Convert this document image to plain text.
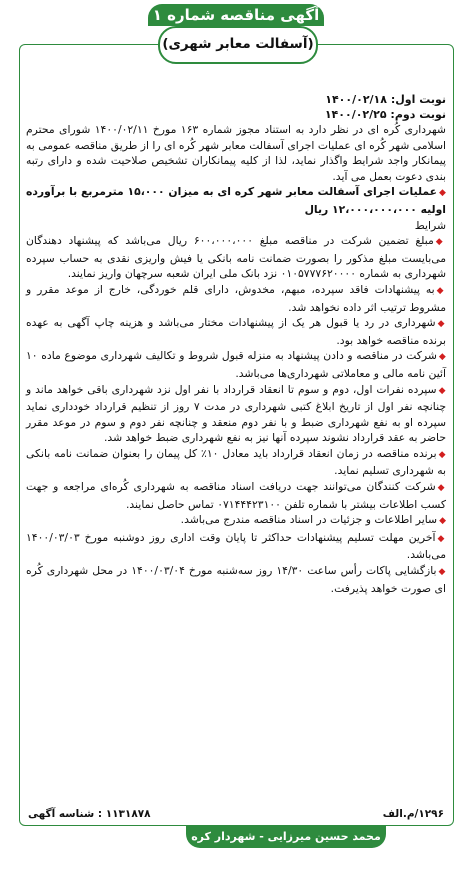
آگهی مناقصه شماره ۱
(آسفالت معابر شهری)
نوبت اول: ۱۴۰۰/۰۲/۱۸
نوبت دوم: ۱۴۰۰/۰۲/۲۵

شهرداری کُره ای در نظر دارد به استناد مجوز شماره ۱۶۳ مورخ ۱۴۰۰/۰۲/۱۱ شورای محترم اسلامی شهر کُره ای عملیات اجرای آسفالت معابر شهر کُره ای را از طریق مناقصه عمومی به پیمانکار واجد شرایط واگذار نماید، لذا از کلیه پیمانکاران تشخیص صلاحیت شده و دارای رتبه بندی دعوت بعمل می آید.

◆عملیات اجرای آسفالت معابر شهر کره ای به میزان ۱۵،۰۰۰ مترمربع با برآورده اولیه ۱۲،۰۰۰،۰۰۰،۰۰۰ ریال

شرایط

◆مبلغ تضمین شرکت در مناقصه مبلغ ۶۰۰،۰۰۰،۰۰۰ ریال می‌باشد که پیشنهاد دهندگان می‌بایست مبلغ مذکور را بصورت ضمانت نامه بانکی یا فیش واریزی نقدی به حساب سپرده شهرداری به شماره ۰۱۰۵۷۷۷۶۲۰۰۰۰ نزد بانک ملی ایران شعبه سرچهان واریز نمایند.

◆به پیشنهادات فاقد سپرده، مبهم، مخدوش، دارای قلم خوردگی، خارج از موعد مقرر و مشروط ترتیب اثر داده نخواهد شد.

◆شهرداری در رد یا قبول هر یک از پیشنهادات مختار می‌باشد و هزینه چاپ آگهی به عهده برنده مناقصه خواهد بود.

◆شرکت در مناقصه و دادن پیشنهاد به منزله قبول شروط و تکالیف شهرداری موضوع ماده ۱۰ آئین نامه مالی و معاملاتی شهرداری‌ها می‌باشد.

◆سپرده نفرات اول، دوم و سوم تا انعقاد قرارداد با نفر اول نزد شهرداری باقی خواهد ماند و چنانچه نفر اول از تاریخ ابلاغ کتبی شهرداری در مدت ۷ روز از تنظیم قرارداد خودداری نماید سپرده او به نفع شهرداری ضبط و با نفر دوم منعقد و چنانچه نفر دوم و سوم در موعد مقرر حاضر به عقد قرارداد نشوند سپرده آنها نیز به نفع شهرداری ضبط خواهد شد.

◆برنده مناقصه در زمان انعقاد قرارداد باید معادل ۱۰٪ کل پیمان را بعنوان ضمانت نامه بانکی به شهرداری تسلیم نماید.

◆شرکت کنندگان می‌توانند جهت دریافت اسناد مناقصه به شهرداری کُره‌ای مراجعه و جهت کسب اطلاعات بیشتر با شماره تلفن ۰۷۱۴۴۴۲۳۱۰۰ تماس حاصل نمایند.

◆سایر اطلاعات و جزئیات در اسناد مناقصه مندرج می‌باشد.

◆آخرین مهلت تسلیم پیشنهادات حداکثر تا پایان وقت اداری روز دوشنبه مورخ ۱۴۰۰/۰۳/۰۳ می‌باشد.

◆بازگشایی پاکات رأس ساعت ۱۴/۳۰ روز سه‌شنبه مورخ ۱۴۰۰/۰۳/۰۴ در محل شهرداری کُره ای صورت خواهد پذیرفت.

۱۲۹۶/م.الف
۱۱۳۱۸۷۸ : شناسه آگهی
محمد حسین میرزایی - شهردار کره ای
